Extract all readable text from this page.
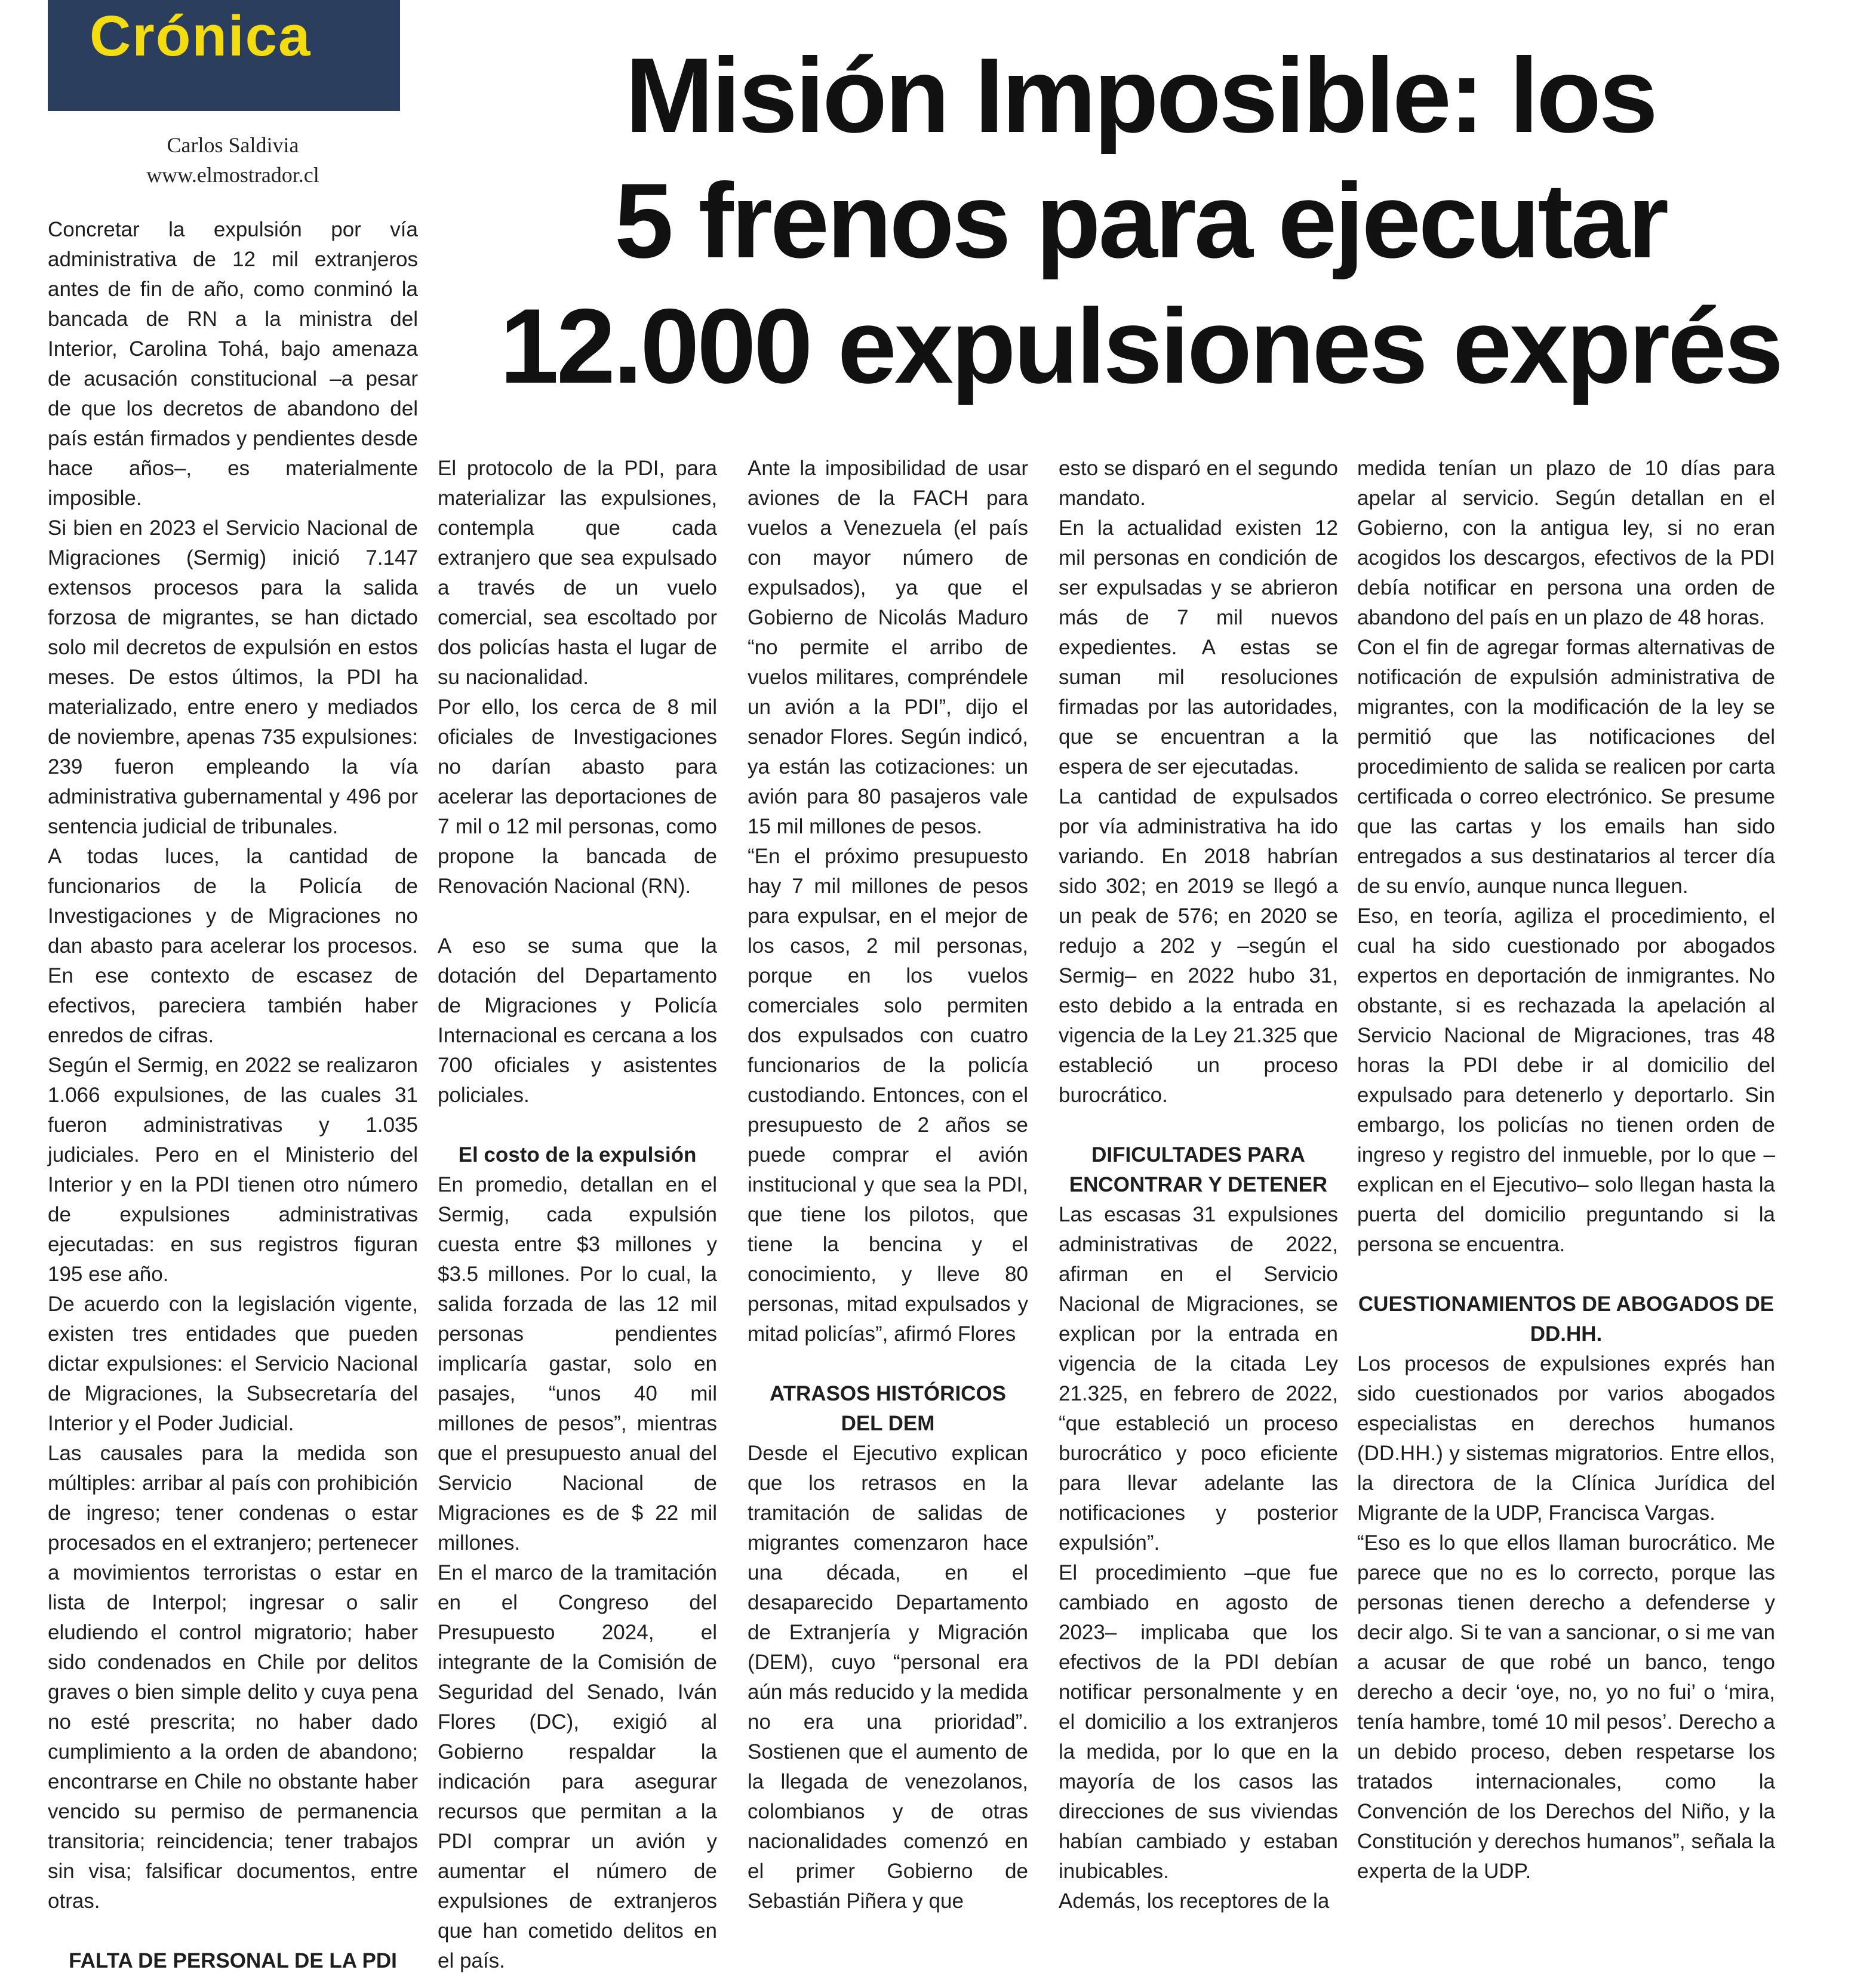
Crónica
Carlos Saldivia
www.elmostrador.cl
Misión Imposible: los
5 frenos para ejecutar
12.000 expulsiones exprés

Concretar la expulsión por vía administrativa de 12 mil extranjeros antes de fin de año, como conminó la bancada de RN a la ministra del Interior, Carolina Tohá, bajo amenaza de acusación constitucional –a pesar de que los decretos de abandono del país están firmados y pendientes desde hace años–, es materialmente imposible.

Si bien en 2023 el Servicio Nacional de Migraciones (Sermig) inició 7.147 extensos procesos para la salida forzosa de migrantes, se han dictado solo mil decretos de expulsión en estos meses. De estos últimos, la PDI ha materializado, entre enero y mediados de noviembre, apenas 735 expulsiones: 239 fueron empleando la vía administrativa gubernamental y 496 por sentencia judicial de tribunales.

A todas luces, la cantidad de funcionarios de la Policía de Investigaciones y de Migraciones no dan abasto para acelerar los procesos. En ese contexto de escasez de efectivos, pareciera también haber enredos de cifras.

Según el Sermig, en 2022 se realizaron 1.066 expulsiones, de las cuales 31 fueron administrativas y 1.035 judiciales. Pero en el Ministerio del Interior y en la PDI tienen otro número de expulsiones administrativas ejecutadas: en sus registros figuran 195 ese año.

De acuerdo con la legislación vigente, existen tres entidades que pueden dictar expulsiones: el Servicio Nacional de Migraciones, la Subsecretaría del Interior y el Poder Judicial.

Las causales para la medida son múltiples: arribar al país con prohibición de ingreso; tener condenas o estar procesados en el extranjero; pertenecer a movimientos terroristas o estar en lista de Interpol; ingresar o salir eludiendo el control migratorio; haber sido condenados en Chile por delitos graves o bien simple delito y cuya pena no esté prescrita; no haber dado cumplimiento a la orden de abandono; encontrarse en Chile no obstante haber vencido su permiso de permanencia transitoria; reincidencia; tener trabajos sin visa; falsificar documentos, entre otras.

FALTA DE PERSONAL DE LA PDI

El protocolo de la PDI, para materializar las expulsiones, contempla que cada extranjero que sea expulsado a través de un vuelo comercial, sea escoltado por dos policías hasta el lugar de su nacionalidad.

Por ello, los cerca de 8 mil oficiales de Investigaciones no darían abasto para acelerar las deportaciones de 7 mil o 12 mil personas, como propone la bancada de Renovación Nacional (RN).

A eso se suma que la dotación del Departamento de Migraciones y Policía Internacional es cercana a los 700 oficiales y asistentes policiales.

El costo de la expulsión

En promedio, detallan en el Sermig, cada expulsión cuesta entre $3 millones y $3.5 millones. Por lo cual, la salida forzada de las 12 mil personas pendientes implicaría gastar, solo en pasajes, “unos 40 mil millones de pesos”, mientras que el presupuesto anual del Servicio Nacional de Migraciones es de $ 22 mil millones.

En el marco de la tramitación en el Congreso del Presupuesto 2024, el integrante de la Comisión de Seguridad del Senado, Iván Flores (DC), exigió al Gobierno respaldar la indicación para asegurar recursos que permitan a la PDI comprar un avión y aumentar el número de expulsiones de extranjeros que han cometido delitos en el país.

Ante la imposibilidad de usar aviones de la FACH para vuelos a Venezuela (el país con mayor número de expulsados), ya que el Gobierno de Nicolás Maduro “no permite el arribo de vuelos militares, compréndele un avión a la PDI”, dijo el senador Flores. Según indicó, ya están las cotizaciones: un avión para 80 pasajeros vale 15 mil millones de pesos.

“En el próximo presupuesto hay 7 mil millones de pesos para expulsar, en el mejor de los casos, 2 mil personas, porque en los vuelos comerciales solo permiten dos expulsados con cuatro funcionarios de la policía custodiando. Entonces, con el presupuesto de 2 años se puede comprar el avión institucional y que sea la PDI, que tiene los pilotos, que tiene la bencina y el conocimiento, y lleve 80 personas, mitad expulsados y mitad policías”, afirmó Flores

ATRASOS HISTÓRICOS DEL DEM

Desde el Ejecutivo explican que los retrasos en la tramitación de salidas de migrantes comenzaron hace una década, en el desaparecido Departamento de Extranjería y Migración (DEM), cuyo “personal era aún más reducido y la medida no era una prioridad”. Sostienen que el aumento de la llegada de venezolanos, colombianos y de otras nacionalidades comenzó en el primer Gobierno de Sebastián Piñera y que

esto se disparó en el segundo mandato.

En la actualidad existen 12 mil personas en condición de ser expulsadas y se abrieron más de 7 mil nuevos expedientes. A estas se suman mil resoluciones firmadas por las autoridades, que se encuentran a la espera de ser ejecutadas.

La cantidad de expulsados por vía administrativa ha ido variando. En 2018 habrían sido 302; en 2019 se llegó a un peak de 576; en 2020 se redujo a 202 y –según el Sermig– en 2022 hubo 31, esto debido a la entrada en vigencia de la Ley 21.325 que estableció un proceso burocrático.

DIFICULTADES PARA ENCONTRAR Y DETENER

Las escasas 31 expulsiones administrativas de 2022, afirman en el Servicio Nacional de Migraciones, se explican por la entrada en vigencia de la citada Ley 21.325, en febrero de 2022, “que estableció un proceso burocrático y poco eficiente para llevar adelante las notificaciones y posterior expulsión”.

El procedimiento –que fue cambiado en agosto de 2023– implicaba que los efectivos de la PDI debían notificar personalmente y en el domicilio a los extranjeros la medida, por lo que en la mayoría de los casos las direcciones de sus viviendas habían cambiado y estaban inubicables.

Además, los receptores de la

medida tenían un plazo de 10 días para apelar al servicio. Según detallan en el Gobierno, con la antigua ley, si no eran acogidos los descargos, efectivos de la PDI debía notificar en persona una orden de abandono del país en un plazo de 48 horas.

Con el fin de agregar formas alternativas de notificación de expulsión administrativa de migrantes, con la modificación de la ley se permitió que las notificaciones del procedimiento de salida se realicen por carta certificada o correo electrónico. Se presume que las cartas y los emails han sido entregados a sus destinatarios al tercer día de su envío, aunque nunca lleguen.

Eso, en teoría, agiliza el procedimiento, el cual ha sido cuestionado por abogados expertos en deportación de inmigrantes. No obstante, si es rechazada la apelación al Servicio Nacional de Migraciones, tras 48 horas la PDI debe ir al domicilio del expulsado para detenerlo y deportarlo. Sin embargo, los policías no tienen orden de ingreso y registro del inmueble, por lo que –explican en el Ejecutivo– solo llegan hasta la puerta del domicilio preguntando si la persona se encuentra.

CUESTIONAMIENTOS DE ABOGADOS DE DD.HH.

Los procesos de expulsiones exprés han sido cuestionados por varios abogados especialistas en derechos humanos (DD.HH.) y sistemas migratorios. Entre ellos, la directora de la Clínica Jurídica del Migrante de la UDP, Francisca Vargas.

“Eso es lo que ellos llaman burocrático. Me parece que no es lo correcto, porque las personas tienen derecho a defenderse y decir algo. Si te van a sancionar, o si me van a acusar de que robé un banco, tengo derecho a decir ‘oye, no, yo no fui’ o ‘mira, tenía hambre, tomé 10 mil pesos’. Derecho a un debido proceso, deben respetarse los tratados internacionales, como la Convención de los Derechos del Niño, y la Constitución y derechos humanos”, señala la experta de la UDP.
